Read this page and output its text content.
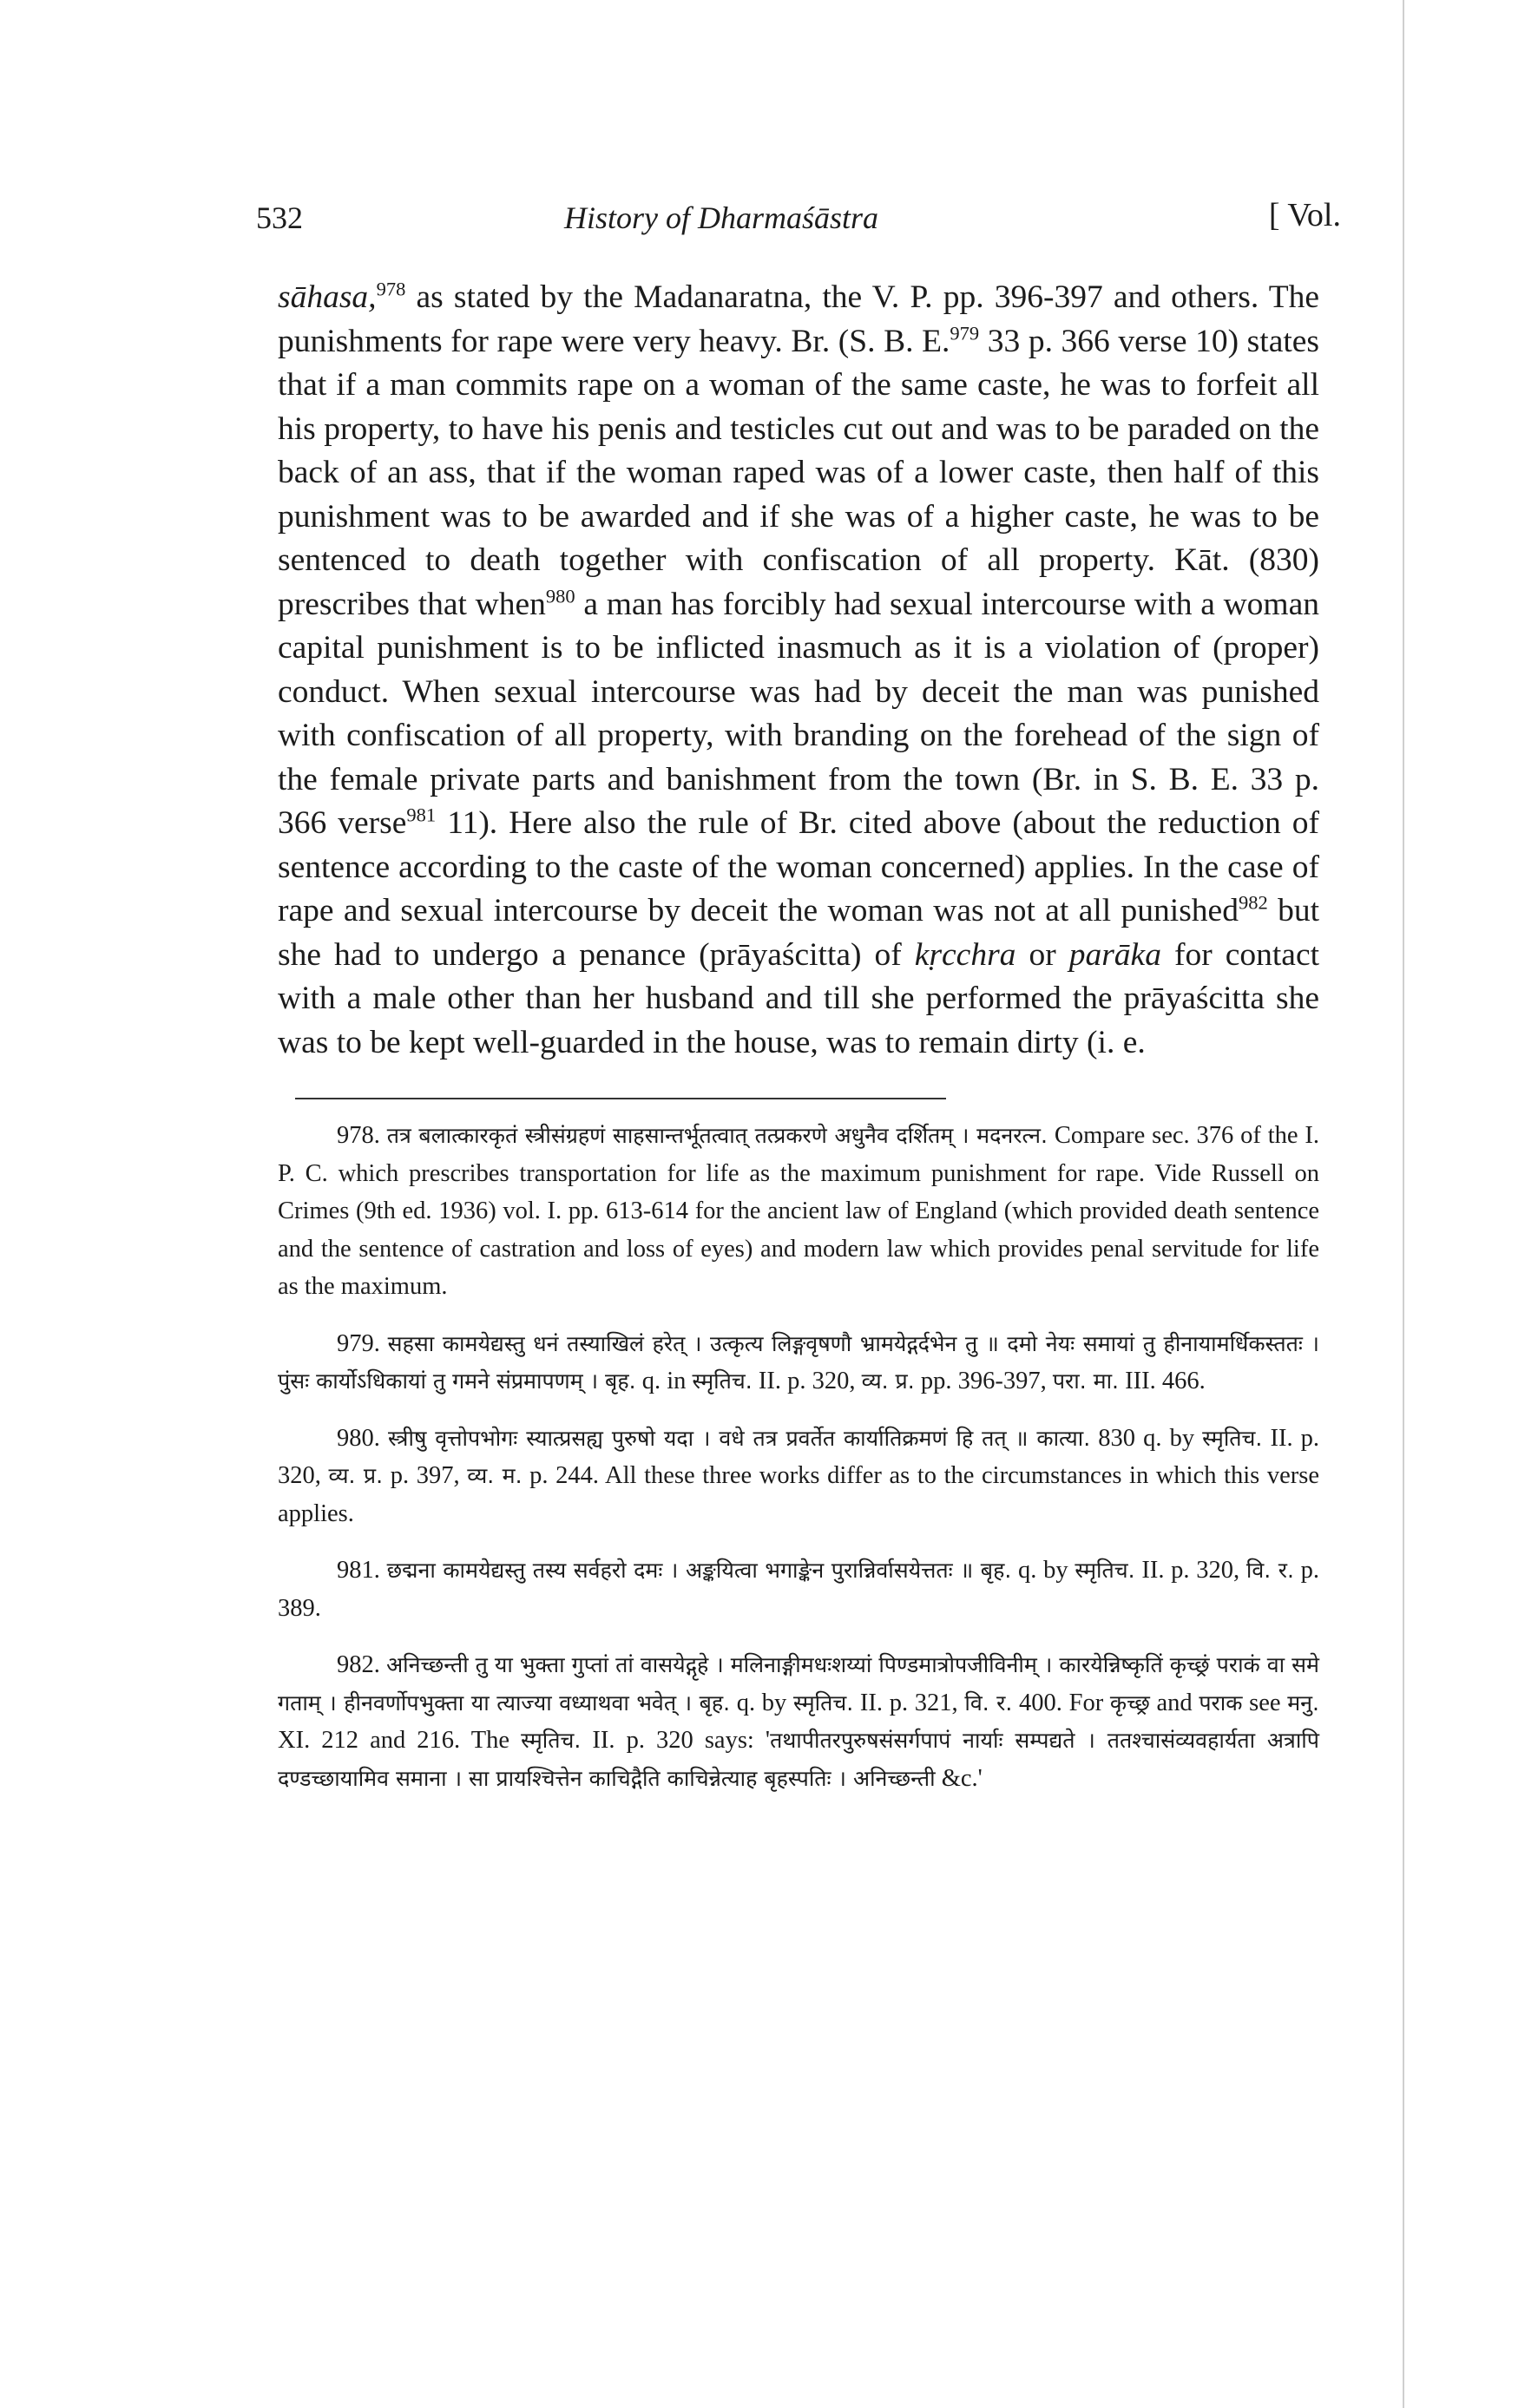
532	History of Dharmaśāstra	[ Vol.

sāhasa,$^{978}$ as stated by the Madanaratna, the V. P. pp. 396-397 and others. The punishments for rape were very heavy. Br. (S. B. E.$^{979}$ 33 p. 366 verse 10) states that if a man commits rape on a woman of the same caste, he was to forfeit all his property, to have his penis and testicles cut out and was to be paraded on the back of an ass, that if the woman raped was of a lower caste, then half of this punishment was to be awarded and if she was of a higher caste, he was to be sentenced to death together with confiscation of all property. Kāt. (830) prescribes that when$^{980}$ a man has forcibly had sexual intercourse with a woman capital punishment is to be inflicted inasmuch as it is a violation of (proper) conduct. When sexual intercourse was had by deceit the man was punished with confiscation of all property, with branding on the forehead of the sign of the female private parts and banishment from the town (Br. in S. B. E. 33 p. 366 verse$^{981}$ 11). Here also the rule of Br. cited above (about the reduction of sentence according to the caste of the woman concerned) applies. In the case of rape and sexual intercourse by deceit the woman was not at all punished$^{982}$ but she had to undergo a penance (prāyaścitta) of kṛcchra or parāka for contact with a male other than her husband and till she performed the prāyaścitta she was to be kept well-guarded in the house, was to remain dirty (i. e.

978. तत्र बलात्कारकृतं स्त्रीसंग्रहणं साहसान्तर्भूतत्वात् तत्प्रकरणे अधुनैव दर्शितम् । मदनरत्न. Compare sec. 376 of the I. P. C. which prescribes transportation for life as the maximum punishment for rape. Vide Russell on Crimes (9th ed. 1936) vol. I. pp. 613-614 for the ancient law of England (which provided death sentence and the sentence of castration and loss of eyes) and modern law which provides penal servitude for life as the maximum.

979. सहसा कामयेद्यस्तु धनं तस्याखिलं हरेत् । उत्कृत्य लिङ्गवृषणौ भ्रामयेद्गर्दभेन तु ॥ दमो नेयः समायां तु हीनायामर्धिकस्ततः । पुंसः कार्योऽधिकायां तु गमने संप्रमापणम् । बृह. q. in स्मृतिच. II. p. 320, व्य. प्र. pp. 396-397, परा. मा. III. 466.

980. स्त्रीषु वृत्तोपभोगः स्यात्प्रसह्य पुरुषो यदा । वधे तत्र प्रवर्तेत कार्यातिक्रमणं हि तत् ॥ कात्या. 830 q. by स्मृतिच. II. p. 320, व्य. प्र. p. 397, व्य. म. p. 244. All these three works differ as to the circumstances in which this verse applies.

981. छद्मना कामयेद्यस्तु तस्य सर्वहरो दमः । अङ्कयित्वा भगाङ्केन पुरान्निर्वासयेत्ततः ॥ बृह. q. by स्मृतिच. II. p. 320, वि. र. p. 389.

982. अनिच्छन्ती तु या भुक्ता गुप्तां तां वासयेद्गृहे । मलिनाङ्गीमधःशय्यां पिण्डमात्रोपजीविनीम् । कारयेन्निष्कृतिं कृच्छ्रं पराकं वा समे गताम् । हीनवर्णोपभुक्ता या त्याज्या वध्याथवा भवेत् । बृह. q. by स्मृतिच. II. p. 321, वि. र. 400. For कृच्छ्र and पराक see मनु. XI. 212 and 216. The स्मृतिच. II. p. 320 says: 'तथापीतरपुरुषसंसर्गपापं नार्याः सम्पद्यते । ततश्चासंव्यवहार्यता अत्रापि दण्डच्छायामिव समाना । सा प्रायश्चित्तेन काचिद्गैति काचिन्नेत्याह बृहस्पतिः । अनिच्छन्ती &c.'
